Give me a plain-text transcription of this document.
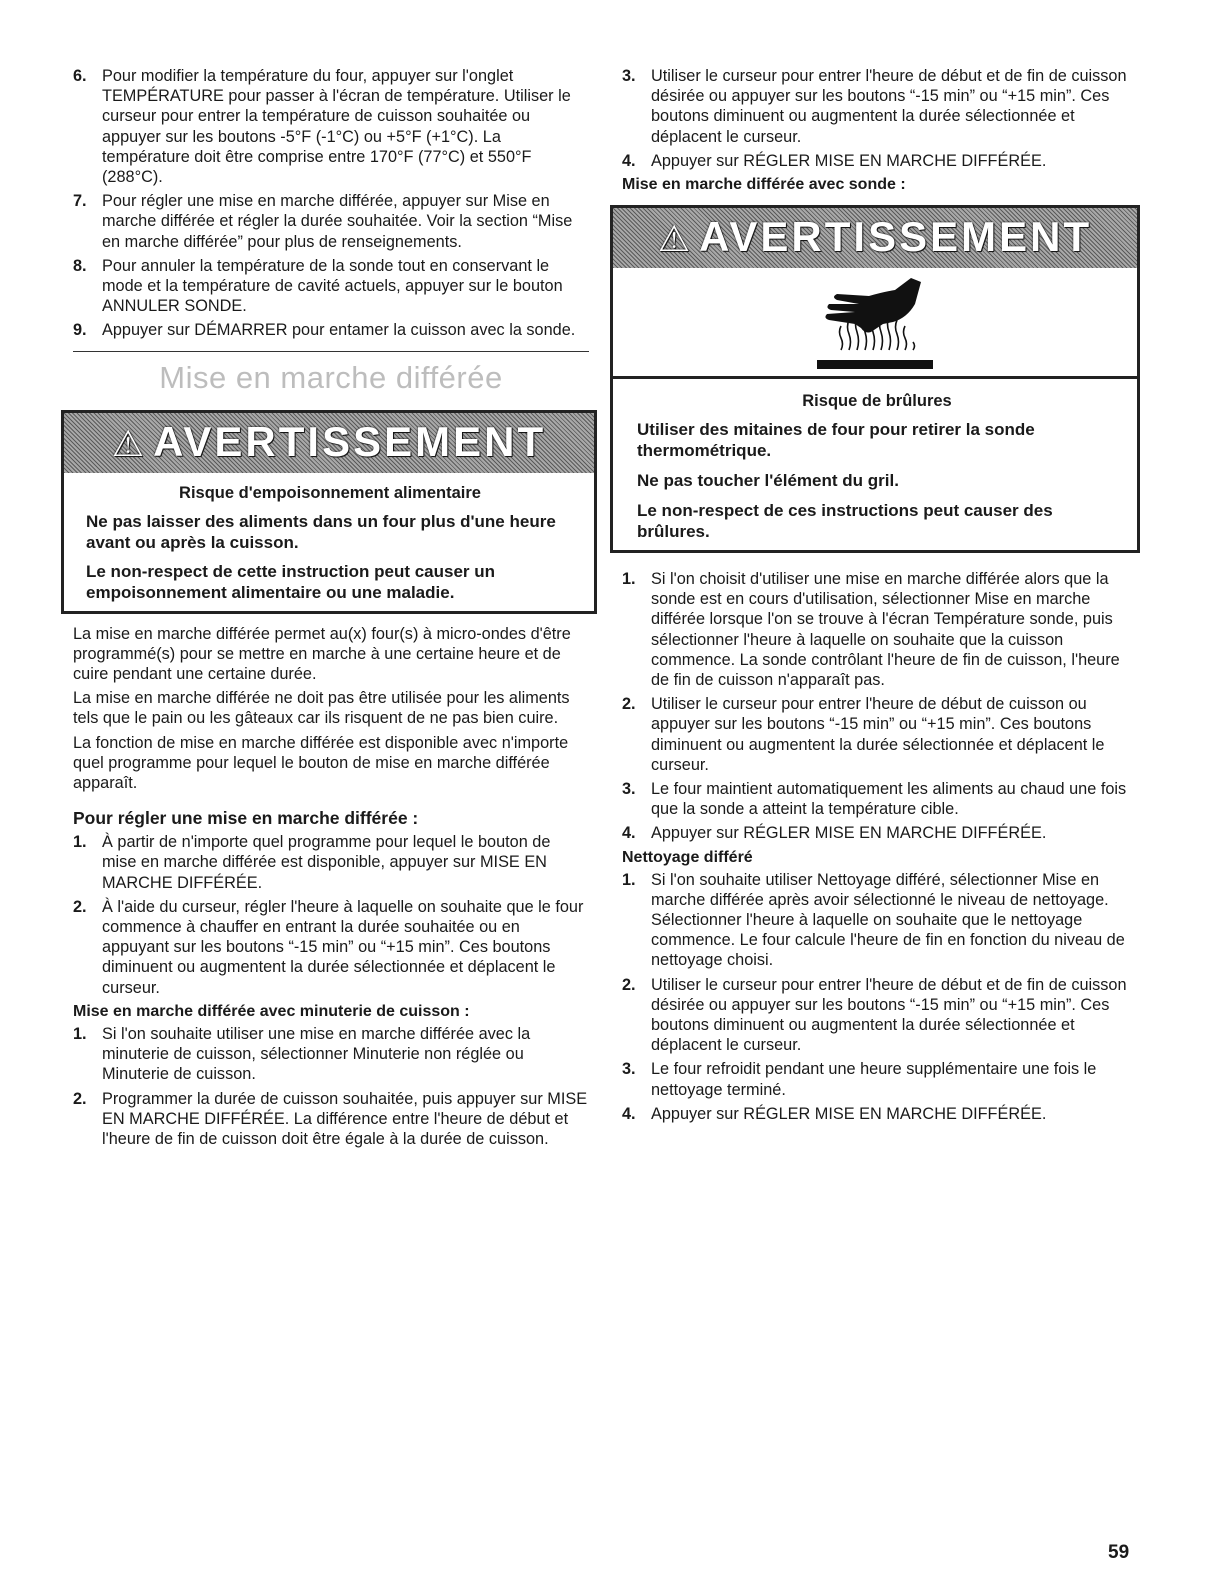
6. Pour modifier la température du four, appuyer sur l'onglet TEMPÉRATURE pour passer à l'écran de température. Utiliser le curseur pour entrer la température de cuisson souhaitée ou appuyer sur les boutons -5°F (-1°C) ou +5°F (+1°C). La température doit être comprise entre 170°F (77°C) et 550°F (288°C).
7. Pour régler une mise en marche différée, appuyer sur Mise en marche différée et régler la durée souhaitée. Voir la section “Mise en marche différée” pour plus de renseignements.
8. Pour annuler la température de la sonde tout en conservant le mode et la température de cavité actuels, appuyer sur le bouton ANNULER SONDE.
9. Appuyer sur DÉMARRER pour entamer la cuisson avec la sonde.
Mise en marche différée
⚠ AVERTISSEMENT
Risque d'empoisonnement alimentaire
Ne pas laisser des aliments dans un four plus d'une heure avant ou après la cuisson.
Le non-respect de cette instruction peut causer un empoisonnement alimentaire ou une maladie.

La mise en marche différée permet au(x) four(s) à micro-ondes d'être programmé(s) pour se mettre en marche à une certaine heure et de cuire pendant une certaine durée.

La mise en marche différée ne doit pas être utilisée pour les aliments tels que le pain ou les gâteaux car ils risquent de ne pas bien cuire.

La fonction de mise en marche différée est disponible avec n'importe quel programme pour lequel le bouton de mise en marche différée apparaît.

Pour régler une mise en marche différée :
1. À partir de n'importe quel programme pour lequel le bouton de mise en marche différée est disponible, appuyer sur MISE EN MARCHE DIFFÉRÉE.
2. À l'aide du curseur, régler l'heure à laquelle on souhaite que le four commence à chauffer en entrant la durée souhaitée ou en appuyant sur les boutons “-15 min” ou “+15 min”. Ces boutons diminuent ou augmentent la durée sélectionnée et déplacent le curseur.
Mise en marche différée avec minuterie de cuisson :
1. Si l'on souhaite utiliser une mise en marche différée avec la minuterie de cuisson, sélectionner Minuterie non réglée ou Minuterie de cuisson.
2. Programmer la durée de cuisson souhaitée, puis appuyer sur MISE EN MARCHE DIFFÉRÉE. La différence entre l'heure de début et l'heure de fin de cuisson doit être égale à la durée de cuisson.
3. Utiliser le curseur pour entrer l'heure de début et de fin de cuisson désirée ou appuyer sur les boutons “-15 min” ou “+15 min”. Ces boutons diminuent ou augmentent la durée sélectionnée et déplacent le curseur.
4. Appuyer sur RÉGLER MISE EN MARCHE DIFFÉRÉE.
Mise en marche différée avec sonde :
⚠ AVERTISSEMENT
Risque de brûlures
Utiliser des mitaines de four pour retirer la sonde thermométrique.
Ne pas toucher l'élément du gril.
Le non-respect de ces instructions peut causer des brûlures.
1. Si l'on choisit d'utiliser une mise en marche différée alors que la sonde est en cours d'utilisation, sélectionner Mise en marche différée lorsque l'on se trouve à l'écran Température sonde, puis sélectionner l'heure à laquelle on souhaite que la cuisson commence. La sonde contrôlant l'heure de fin de cuisson, l'heure de fin de cuisson n'apparaît pas.
2. Utiliser le curseur pour entrer l'heure de début de cuisson ou appuyer sur les boutons “-15 min” ou “+15 min”. Ces boutons diminuent ou augmentent la durée sélectionnée et déplacent le curseur.
3. Le four maintient automatiquement les aliments au chaud une fois que la sonde a atteint la température cible.
4. Appuyer sur RÉGLER MISE EN MARCHE DIFFÉRÉE.
Nettoyage différé
1. Si l'on souhaite utiliser Nettoyage différé, sélectionner Mise en marche différée après avoir sélectionné le niveau de nettoyage. Sélectionner l'heure à laquelle on souhaite que le nettoyage commence. Le four calcule l'heure de fin en fonction du niveau de nettoyage choisi.
2. Utiliser le curseur pour entrer l'heure de début et de fin de cuisson désirée ou appuyer sur les boutons “-15 min” ou “+15 min”. Ces boutons diminuent ou augmentent la durée sélectionnée et déplacent le curseur.
3. Le four refroidit pendant une heure supplémentaire une fois le nettoyage terminé.
4. Appuyer sur RÉGLER MISE EN MARCHE DIFFÉRÉE.
59
